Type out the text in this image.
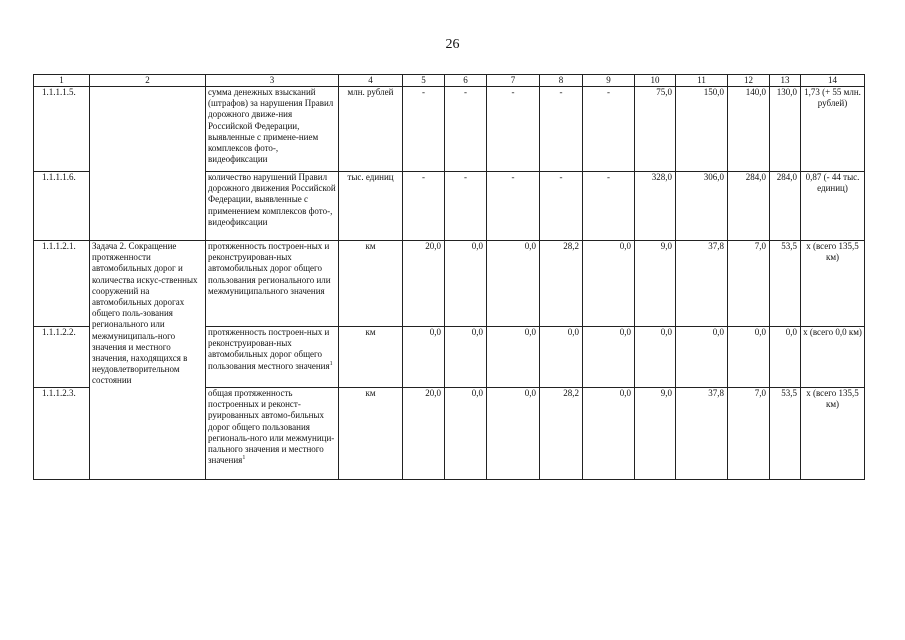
26
1	2	3	4	5	6	7	8	9	10	11	12	13	14
1.1.1.1.5.		сумма денежных взысканий (штрафов) за нарушения Правил дорожного движе-ния Российской Федерации, выявленные с примене-нием комплексов фото-, видеофиксации	млн. рублей	-	-	-	-	-	75,0	150,0	140,0	130,0	1,73 (+ 55 млн. рублей)
1.1.1.1.6.		количество нарушений Правил дорожного движения Российской Федерации, выявленные с применением комплексов фото-, видеофиксации	тыс. единиц	-	-	-	-	-	328,0	306,0	284,0	284,0	0,87 (- 44 тыс. единиц)
1.1.1.2.1.	Задача 2. Сокращение протяженности автомобильных дорог и количества искус-ственных сооружений на автомобильных дорогах общего поль-зования регионального или межмуниципаль-ного значения и местного значения, находящихся в неудовлетворительном состоянии	протяженность построен-ных и реконструирован-ных автомобильных дорог общего пользования регионального или межмуниципального значения	км	20,0	0,0	0,0	28,2	0,0	9,0	37,8	7,0	53,5	х (всего 135,5 км)
1.1.1.2.2.		протяженность построен-ных и реконструирован-ных автомобильных дорог общего пользования местного значения$^1$	км	0,0	0,0	0,0	0,0	0,0	0,0	0,0	0,0	0,0	х (всего 0,0 км)
1.1.1.2.3.		общая протяженность построенных и реконст-руированных автомо-бильных дорог общего пользования региональ-ного или межмуници-пального значения и местного значения$^1$	км	20,0	0,0	0,0	28,2	0,0	9,0	37,8	7,0	53,5	х (всего 135,5 км)
